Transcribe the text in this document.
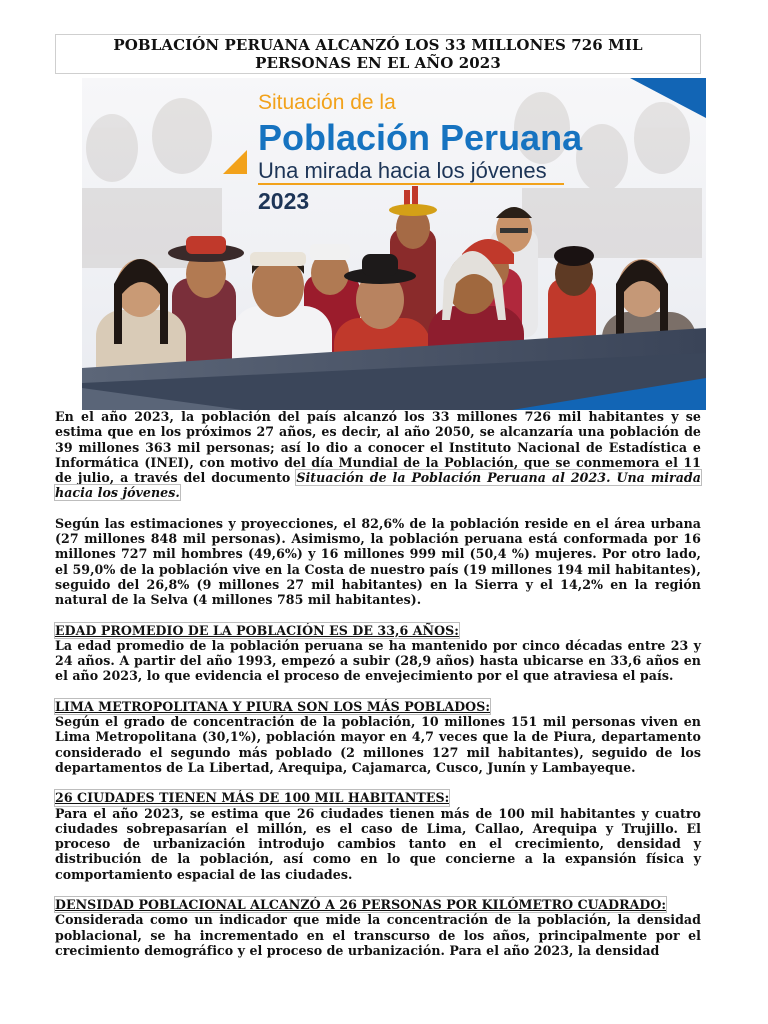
POBLACIÓN PERUANA ALCANZÓ LOS 33 MILLONES 726 MIL PERSONAS EN EL AÑO 2023
Situación de la
Población Peruana
Una mirada hacia los jóvenes
2023

En el año 2023, la población del país alcanzó los 33 millones 726 mil habitantes y se estima que en los próximos 27 años, es decir, al año 2050, se alcanzaría una población de 39 millones 363 mil personas; así lo dio a conocer el Instituto Nacional de Estadística e Informática (INEI), con motivo del día Mundial de la Población, que se conmemora el 11 de julio, a través del documento Situación de la Población Peruana al 2023. Una mirada hacia los jóvenes.

Según las estimaciones y proyecciones, el 82,6% de la población reside en el área urbana (27 millones 848 mil personas). Asimismo, la población peruana está conformada por 16 millones 727 mil hombres (49,6%) y 16 millones 999 mil (50,4 %) mujeres. Por otro lado, el 59,0% de la población vive en la Costa de nuestro país (19 millones 194 mil habitantes), seguido del 26,8% (9 millones 27 mil habitantes) en la Sierra y el 14,2% en la región natural de la Selva (4 millones 785 mil habitantes).

EDAD PROMEDIO DE LA POBLACIÓN ES DE 33,6 AÑOS:

La edad promedio de la población peruana se ha mantenido por cinco décadas entre 23 y 24 años. A partir del año 1993, empezó a subir (28,9 años) hasta ubicarse en 33,6 años en el año 2023, lo que evidencia el proceso de envejecimiento por el que atraviesa el país.

LIMA METROPOLITANA Y PIURA SON LOS MÁS POBLADOS:

Según el grado de concentración de la población, 10 millones 151 mil personas viven en Lima Metropolitana (30,1%), población mayor en 4,7 veces que la de Piura, departamento considerado el segundo más poblado (2 millones 127 mil habitantes), seguido de los departamentos de La Libertad, Arequipa, Cajamarca, Cusco, Junín y Lambayeque.

26 CIUDADES TIENEN MÁS DE 100 MIL HABITANTES:

Para el año 2023, se estima que 26 ciudades tienen más de 100 mil habitantes y cuatro ciudades sobrepasarían el millón, es el caso de Lima, Callao, Arequipa y Trujillo. El proceso de urbanización introdujo cambios tanto en el crecimiento, densidad y distribución de la población, así como en lo que concierne a la expansión física y comportamiento espacial de las ciudades.

DENSIDAD POBLACIONAL ALCANZÓ A 26 PERSONAS POR KILÓMETRO CUADRADO:

Considerada como un indicador que mide la concentración de la población, la densidad poblacional, se ha incrementado en el transcurso de los años, principalmente por el crecimiento demográfico y el proceso de urbanización. Para el año 2023, la densidad
